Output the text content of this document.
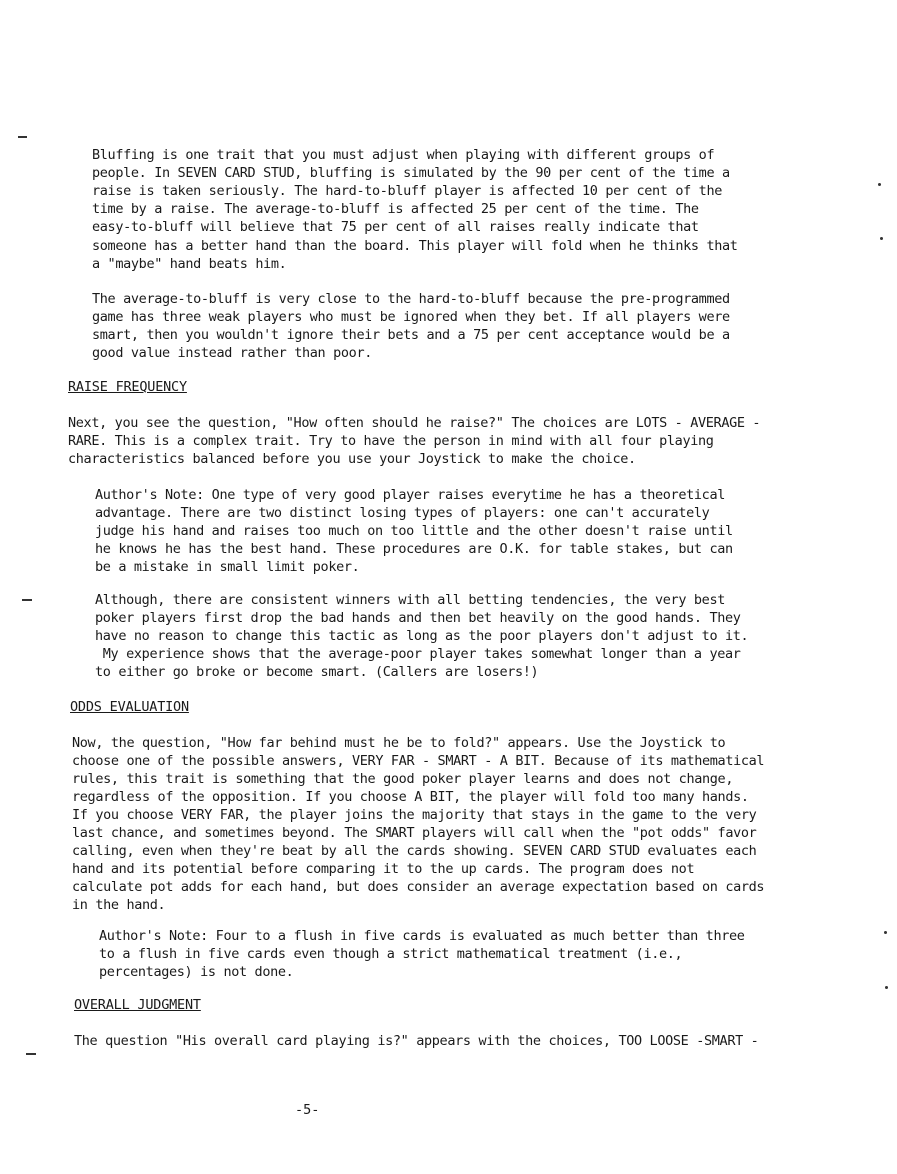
Bluffing is one trait that you must adjust when playing with different groups of
people. In SEVEN CARD STUD, bluffing is simulated by the 90 per cent of the time a
raise is taken seriously. The hard-to-bluff player is affected 10 per cent of the
time by a raise. The average-to-bluff is affected 25 per cent of the time. The
easy-to-bluff will believe that 75 per cent of all raises really indicate that
someone has a better hand than the board. This player will fold when he thinks that
a "maybe" hand beats him.
The average-to-bluff is very close to the hard-to-bluff because the pre-programmed
game has three weak players who must be ignored when they bet. If all players were
smart, then you wouldn't ignore their bets and a 75 per cent acceptance would be a
good value instead rather than poor.
RAISE FREQUENCY
Next, you see the question, "How often should he raise?" The choices are LOTS - AVERAGE -
RARE. This is a complex trait. Try to have the person in mind with all four playing
characteristics balanced before you use your Joystick to make the choice.
Author's Note: One type of very good player raises everytime he has a theoretical
advantage. There are two distinct losing types of players: one can't accurately
judge his hand and raises too much on too little and the other doesn't raise until
he knows he has the best hand. These procedures are O.K. for table stakes, but can
be a mistake in small limit poker.
Although, there are consistent winners with all betting tendencies, the very best
poker players first drop the bad hands and then bet heavily on the good hands. They
have no reason to change this tactic as long as the poor players don't adjust to it.
My experience shows that the average-poor player takes somewhat longer than a year
to either go broke or become smart. (Callers are losers!)
ODDS EVALUATION
Now, the question, "How far behind must he be to fold?" appears. Use the Joystick to
choose one of the possible answers, VERY FAR - SMART - A BIT. Because of its mathematical
rules, this trait is something that the good poker player learns and does not change,
regardless of the opposition. If you choose A BIT, the player will fold too many hands.
If you choose VERY FAR, the player joins the majority that stays in the game to the very
last chance, and sometimes beyond. The SMART players will call when the "pot odds" favor
calling, even when they're beat by all the cards showing. SEVEN CARD STUD evaluates each
hand and its potential before comparing it to the up cards. The program does not
calculate pot adds for each hand, but does consider an average expectation based on cards
in the hand.
Author's Note: Four to a flush in five cards is evaluated as much better than three
to a flush in five cards even though a strict mathematical treatment (i.e.,
percentages) is not done.
OVERALL JUDGMENT
The question "His overall card playing is?" appears with the choices, TOO LOOSE -SMART -
-5-
